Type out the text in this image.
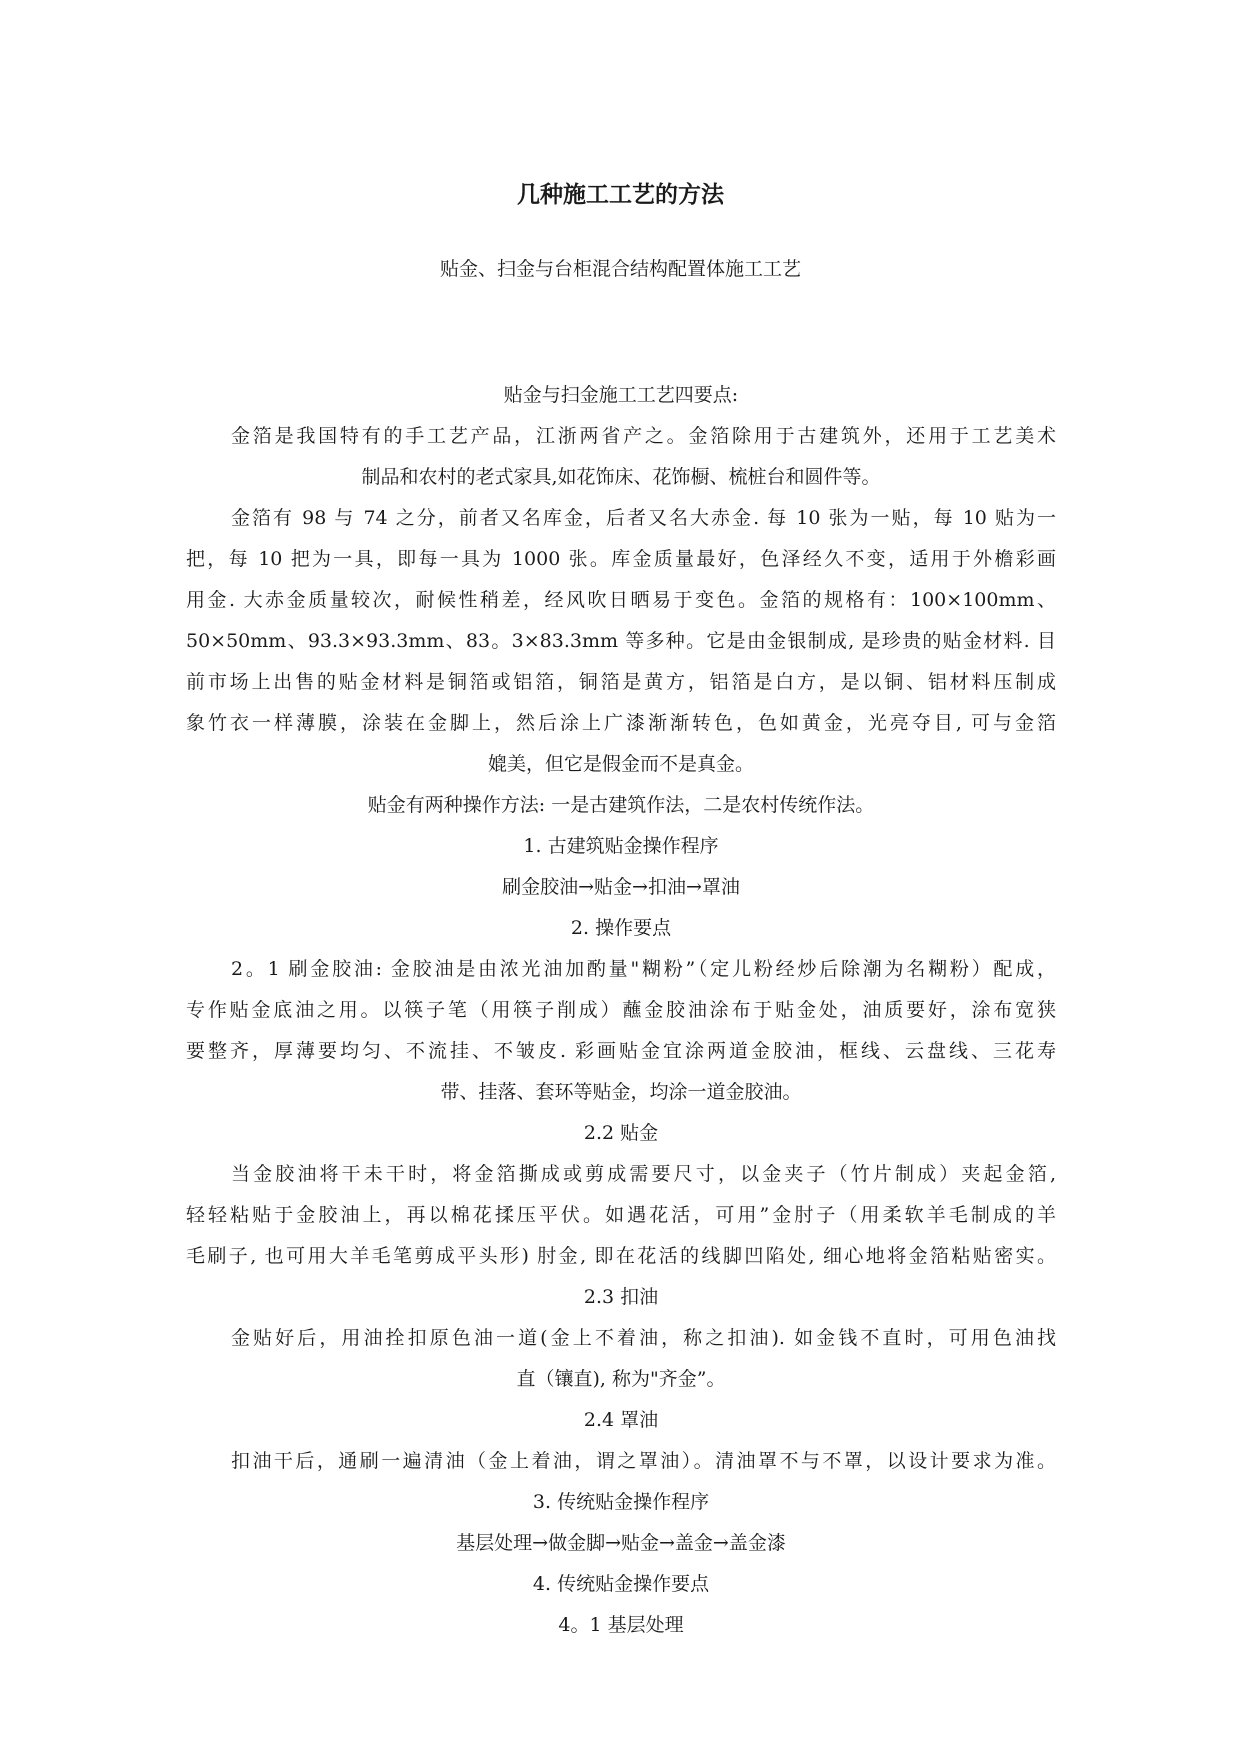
几种施工工艺的方法
贴金、扫金与台柜混合结构配置体施工工艺
贴金与扫金施工工艺四要点:
金箔是我国特有的手工艺产品，江浙两省产之。金箔除用于古建筑外，还用于工艺美术
制品和农村的老式家具,如花饰床、花饰橱、梳桩台和圆件等。
金箔有 98 与 74 之分，前者又名库金，后者又名大赤金. 每 10 张为一贴，每 10 贴为一
把，每 10 把为一具，即每一具为 1000 张。库金质量最好，色泽经久不变，适用于外檐彩画
用金. 大赤金质量较次，耐候性稍差，经风吹日晒易于变色。金箔的规格有：100×100mm、
50×50mm、93.3×93.3mm、83。3×83.3mm 等多种。它是由金银制成, 是珍贵的贴金材料. 目
前市场上出售的贴金材料是铜箔或铝箔，铜箔是黄方，铝箔是白方，是以铜、铝材料压制成
象竹衣一样薄膜，涂装在金脚上，然后涂上广漆渐渐转色，色如黄金，光亮夺目, 可与金箔
媲美，但它是假金而不是真金。
贴金有两种操作方法: 一是古建筑作法，二是农村传统作法。
1. 古建筑贴金操作程序
刷金胶油→贴金→扣油→罩油
2. 操作要点
2。1 刷金胶油: 金胶油是由浓光油加酌量"糊粉”（定儿粉经炒后除潮为名糊粉）配成，
专作贴金底油之用。以筷子笔（用筷子削成）蘸金胶油涂布于贴金处，油质要好，涂布宽狭
要整齐，厚薄要均匀、不流挂、不皱皮. 彩画贴金宜涂两道金胶油，框线、云盘线、三花寿
带、挂落、套环等贴金，均涂一道金胶油。
2.2 贴金
当金胶油将干未干时，将金箔撕成或剪成需要尺寸，以金夹子（竹片制成）夹起金箔,
轻轻粘贴于金胶油上，再以棉花揉压平伏。如遇花活，可用”金肘子（用柔软羊毛制成的羊
毛刷子, 也可用大羊毛笔剪成平头形) 肘金, 即在花活的线脚凹陷处, 细心地将金箔粘贴密实。
2.3 扣油
金贴好后，用油拴扣原色油一道(金上不着油，称之扣油). 如金钱不直时，可用色油找
直（镶直), 称为"齐金”。
2.4 罩油
扣油干后，通刷一遍清油（金上着油，谓之罩油）。清油罩不与不罩，以设计要求为准。
3. 传统贴金操作程序
基层处理→做金脚→贴金→盖金→盖金漆
4. 传统贴金操作要点
4。1 基层处理
